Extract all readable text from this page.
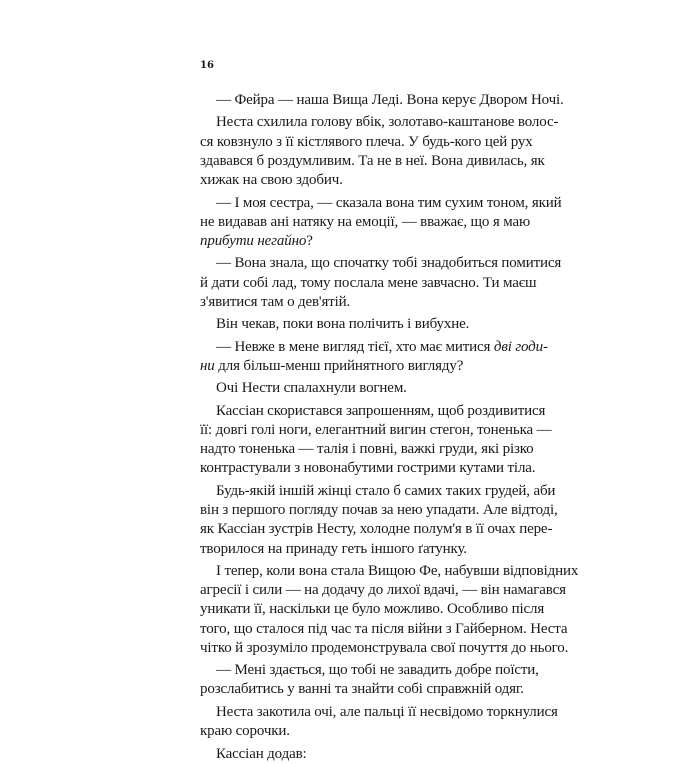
16
— Фейра — наша Вища Леді. Вона керує Двором Ночі.
Неста схилила голову вбік, золотаво-каштанове волос-
ся ковзнуло з її кістлявого плеча. У будь-кого цей рух
здавався б роздумливим. Та не в неї. Вона дивилась, як
хижак на свою здобич.
— І моя сестра, — сказала вона тим сухим тоном, який
не видавав ані натяку на емоції, — вважає, що я маю
прибути негайно?
— Вона знала, що спочатку тобі знадобиться помитися
й дати собі лад, тому послала мене завчасно. Ти маєш
з'явитися там о дев'ятій.
Він чекав, поки вона полічить і вибухне.
— Невже в мене вигляд тієї, хто має митися дві годи-
ни для більш-менш прийнятного вигляду?
Очі Нести спалахнули вогнем.
Кассіан скористався запрошенням, щоб роздивитися
її: довгі голі ноги, елегантний вигин стегон, тоненька —
надто тоненька — талія і повні, важкі груди, які різко
контрастували з новонабутими гострими кутами тіла.
Будь-якій іншій жінці стало б самих таких грудей, аби
він з першого погляду почав за нею упадати. Але відтоді,
як Кассіан зустрів Несту, холодне полум'я в її очах пере-
творилося на принаду геть іншого ґатунку.
І тепер, коли вона стала Вищою Фе, набувши відповідних
агресії і сили — на додачу до лихої вдачі, — він намагався
уникати її, наскільки це було можливо. Особливо після
того, що сталося під час та після війни з Гайберном. Неста
чітко й зрозуміло продемонструвала свої почуття до нього.
— Мені здається, що тобі не завадить добре поїсти,
розслабитись у ванні та знайти собі справжній одяг.
Неста закотила очі, але пальці її несвідомо торкнулися
краю сорочки.
Кассіан додав:
